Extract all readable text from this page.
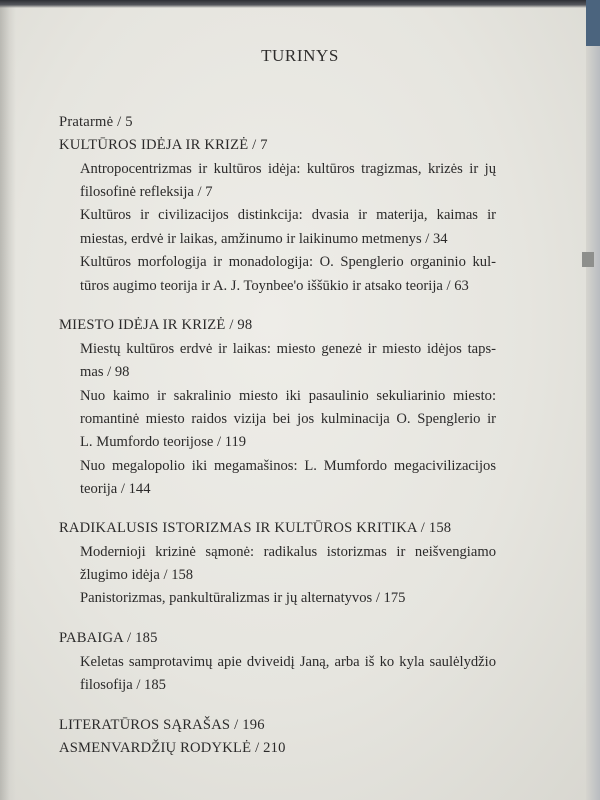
TURINYS
Pratarmė / 5
KULTŪROS IDĖJA IR KRIZĖ / 7
Antropocentrizmas ir kultūros idėja: kultūros tragizmas, krizės ir jų
filosofinė refleksija / 7
Kultūros ir civilizacijos distinkcija: dvasia ir materija, kaimas ir
miestas, erdvė ir laikas, amžinumo ir laikinumo metmenys / 34
Kultūros morfologija ir monadologija: O. Spenglerio organinio kul-
tūros augimo teorija ir A. J. Toynbee'o iššūkio ir atsako teorija / 63
MIESTO IDĖJA IR KRIZĖ / 98
Miestų kultūros erdvė ir laikas: miesto genezė ir miesto idėjos taps-
mas / 98
Nuo kaimo ir sakralinio miesto iki pasaulinio sekuliarinio miesto:
romantinė miesto raidos vizija bei jos kulminacija O. Spenglerio ir
L. Mumfordo teorijose / 119
Nuo megalopolio iki megamašinos: L. Mumfordo megacivilizacijos
teorija / 144
RADIKALUSIS ISTORIZMAS IR KULTŪROS KRITIKA / 158
Modernioji krizinė sąmonė: radikalus istorizmas ir neišvengiamo
žlugimo idėja / 158
Panistorizmas, pankultūralizmas ir jų alternatyvos / 175
PABAIGA / 185
Keletas samprotavimų apie dviveidį Janą, arba iš ko kyla saulėlydžio
filosofija / 185
LITERATŪROS SĄRAŠAS / 196
ASMENVARDŽIŲ RODYKLĖ / 210
